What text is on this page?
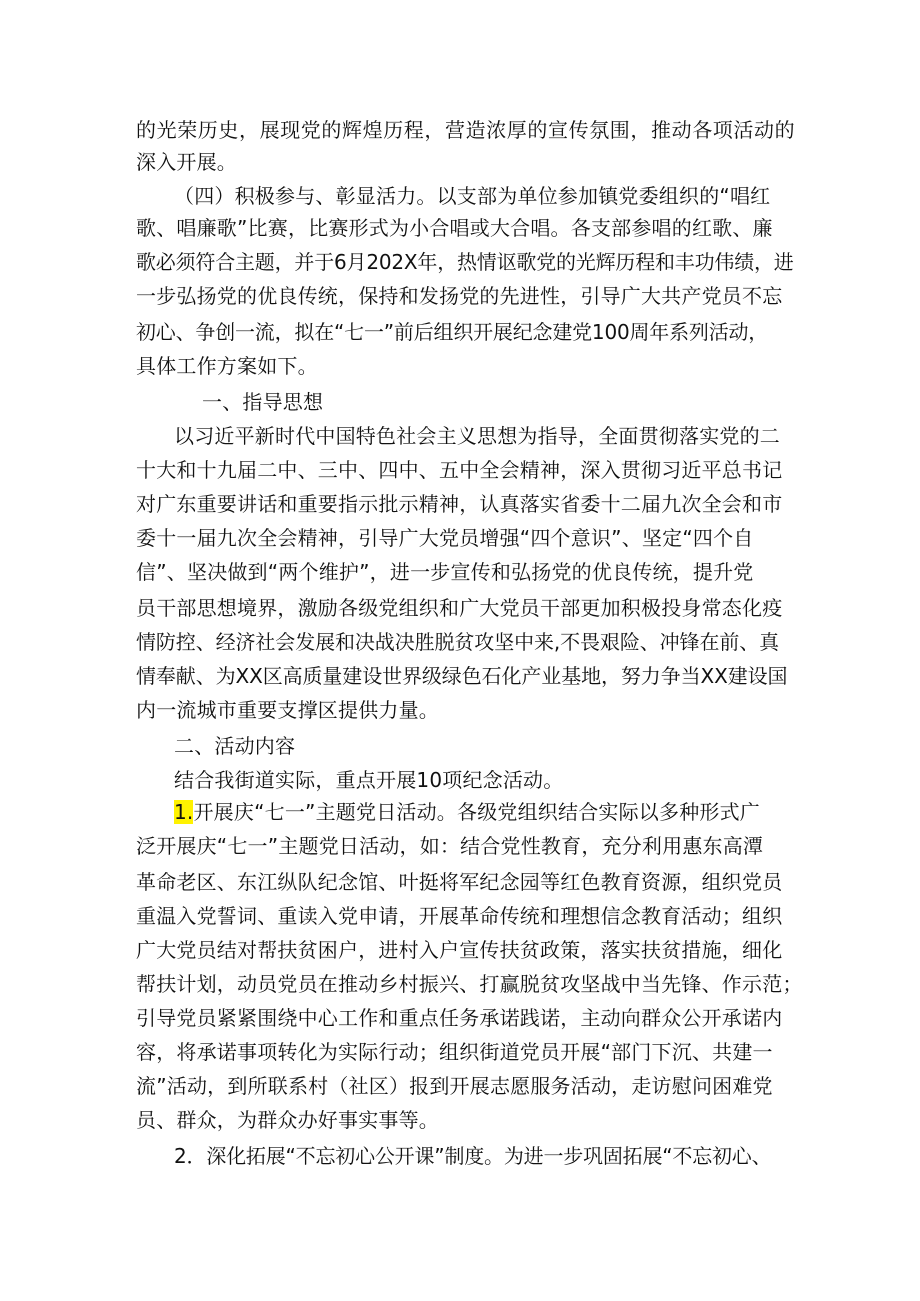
的光荣历史，展现党的辉煌历程，营造浓厚的宣传氛围，推动各项活动的
深入开展。
（四）积极参与、彰显活力。以支部为单位参加镇党委组织的“唱红
歌、唱廉歌”比赛，比赛形式为小合唱或大合唱。各支部参唱的红歌、廉
歌必须符合主题，并于6月202X年，热情讴歌党的光辉历程和丰功伟绩，进
一步弘扬党的优良传统，保持和发扬党的先进性，引导广大共产党员不忘
初心、争创一流，拟在“七一”前后组织开展纪念建党100周年系列活动，
具体工作方案如下。
一、指导思想
以习近平新时代中国特色社会主义思想为指导，全面贯彻落实党的二
十大和十九届二中、三中、四中、五中全会精神，深入贯彻习近平总书记
对广东重要讲话和重要指示批示精神，认真落实省委十二届九次全会和市
委十一届九次全会精神，引导广大党员增强“四个意识”、坚定“四个自
信”、坚决做到“两个维护”，进一步宣传和弘扬党的优良传统，提升党
员干部思想境界，激励各级党组织和广大党员干部更加积极投身常态化疫
情防控、经济社会发展和决战决胜脱贫攻坚中来,不畏艰险、冲锋在前、真
情奉献、为XX区高质量建设世界级绿色石化产业基地，努力争当XX建设国
内一流城市重要支撑区提供力量。
二、活动内容
结合我街道实际，重点开展10项纪念活动。
1.开展庆“七一”主题党日活动。各级党组织结合实际以多种形式广
泛开展庆“七一”主题党日活动，如：结合党性教育，充分利用惠东高潭
革命老区、东江纵队纪念馆、叶挺将军纪念园等红色教育资源，组织党员
重温入党誓词、重读入党申请，开展革命传统和理想信念教育活动；组织
广大党员结对帮扶贫困户，进村入户宣传扶贫政策，落实扶贫措施，细化
帮扶计划，动员党员在推动乡村振兴、打赢脱贫攻坚战中当先锋、作示范；
引导党员紧紧围绕中心工作和重点任务承诺践诺，主动向群众公开承诺内
容，将承诺事项转化为实际行动；组织街道党员开展“部门下沉、共建一
流”活动，到所联系村（社区）报到开展志愿服务活动，走访慰问困难党
员、群众，为群众办好事实事等。
2．深化拓展“不忘初心公开课”制度。为进一步巩固拓展“不忘初心、
